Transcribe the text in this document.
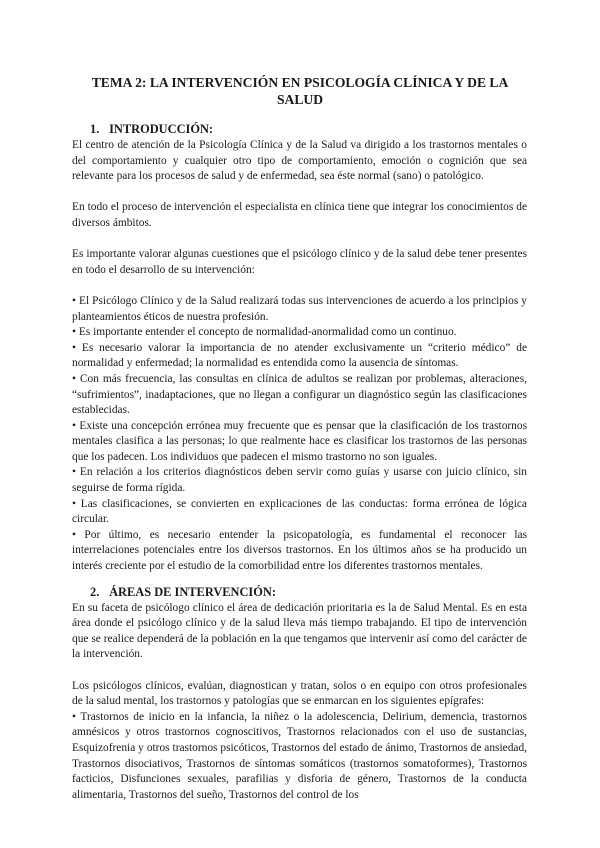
TEMA 2: LA INTERVENCIÓN EN PSICOLOGÍA CLÍNICA Y DE LA SALUD
1. INTRODUCCIÓN:

El centro de atención de la Psicología Clínica y de la Salud va dirigido a los trastornos mentales o del comportamiento y cualquier otro tipo de comportamiento, emoción o cognición que sea relevante para los procesos de salud y de enfermedad, sea éste normal (sano) o patológico.

En todo el proceso de intervención el especialista en clínica tiene que integrar los conocimientos de diversos ámbitos.

Es importante valorar algunas cuestiones que el psicólogo clínico y de la salud debe tener presentes en todo el desarrollo de su intervención:

• El Psicólogo Clínico y de la Salud realizará todas sus intervenciones de acuerdo a los principios y planteamientos éticos de nuestra profesión.

• Es importante entender el concepto de normalidad-anormalidad como un continuo.

• Es necesario valorar la importancia de no atender exclusivamente un “criterio médico” de normalidad y enfermedad; la normalidad es entendida como la ausencia de síntomas.

• Con más frecuencia, las consultas en clínica de adultos se realizan por problemas, alteraciones, “sufrimientos”, inadaptaciones, que no llegan a configurar un diagnóstico según las clasificaciones establecidas.

• Existe una concepción errónea muy frecuente que es pensar que la clasificación de los trastornos mentales clasifica a las personas; lo que realmente hace es clasificar los trastornos de las personas que los padecen. Los individuos que padecen el mismo trastorno no son iguales.

• En relación a los criterios diagnósticos deben servir como guías y usarse con juicio clínico, sin seguirse de forma rígida.

• Las clasificaciones, se convierten en explicaciones de las conductas: forma errónea de lógica circular.

• Por último, es necesario entender la psicopatología, es fundamental el reconocer las interrelaciones potenciales entre los diversos trastornos. En los últimos años se ha producido un interés creciente por el estudio de la comorbilidad entre los diferentes trastornos mentales.

2. ÁREAS DE INTERVENCIÓN:

En su faceta de psicólogo clínico el área de dedicación prioritaria es la de Salud Mental. Es en esta área donde el psicólogo clínico y de la salud lleva más tiempo trabajando. El tipo de intervención que se realice dependerá de la población en la que tengamos que intervenir así como del carácter de la intervención.

Los psicólogos clínicos, evalúan, diagnostican y tratan, solos o en equipo con otros profesionales de la salud mental, los trastornos y patologías que se enmarcan en los siguientes epígrafes:

• Trastornos de inicio en la infancia, la niñez o la adolescencia, Delirium, demencia, trastornos amnésicos y otros trastornos cognoscitivos, Trastornos relacionados con el uso de sustancias, Esquizofrenia y otros trastornos psicóticos, Trastornos del estado de ánimo, Trastornos de ansiedad, Trastornos disociativos, Trastornos de síntomas somáticos (trastornos somatoformes), Trastornos facticios, Disfunciones sexuales, parafilias y disforia de género, Trastornos de la conducta alimentaria, Trastornos del sueño, Trastornos del control de los
